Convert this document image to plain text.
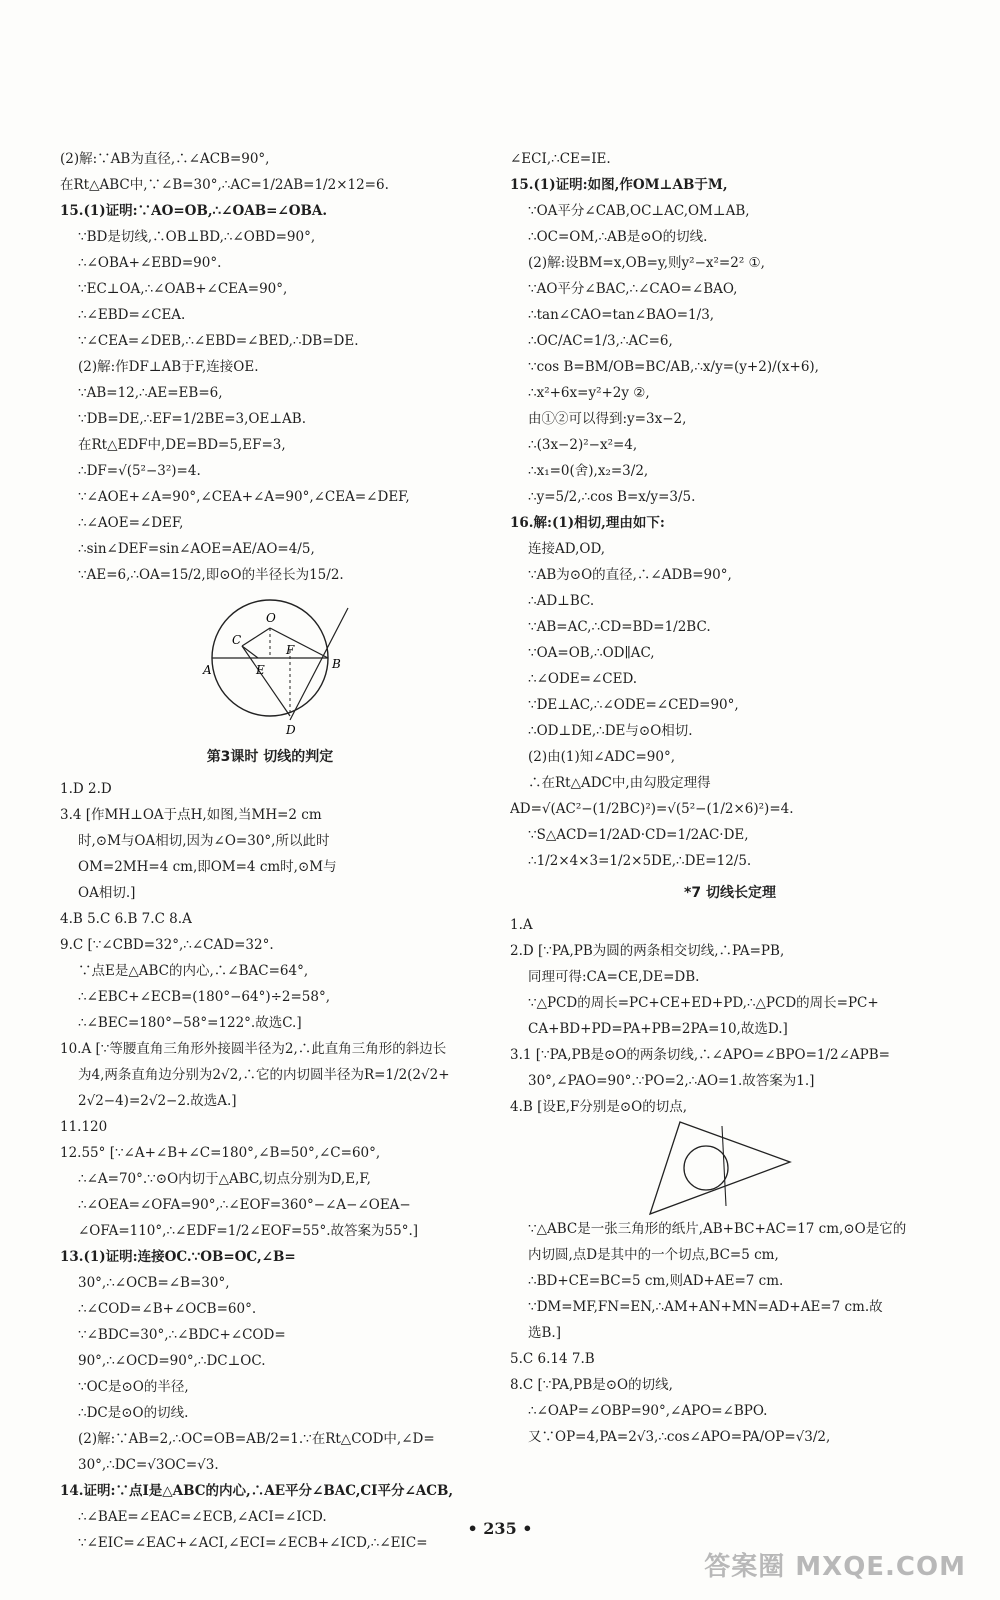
(2)解:∵AB为直径,∴∠ACB=90°,
在Rt△ABC中,∵∠B=30°,∴AC=1/2AB=1/2×12=6.
15.(1)证明:∵AO=OB,∴∠OAB=∠OBA.
∵BD是切线,∴OB⊥BD,∴∠OBD=90°,
∴∠OBA+∠EBD=90°.
∵EC⊥OA,∴∠OAB+∠CEA=90°,
∴∠EBD=∠CEA.
∵∠CEA=∠DEB,∴∠EBD=∠BED,∴DB=DE.
(2)解:作DF⊥AB于F,连接OE.
∵AB=12,∴AE=EB=6,
∵DB=DE,∴EF=1/2BE=3,OE⊥AB.
在Rt△EDF中,DE=BD=5,EF=3,
∴DF=√(5²−3²)=4.
∵∠AOE+∠A=90°,∠CEA+∠A=90°,∠CEA=∠DEF,
∴∠AOE=∠DEF,
∴sin∠DEF=sin∠AOE=AE/AO=4/5,
∵AE=6,∴OA=15/2,即⊙O的半径长为15/2.
O
C
A	E
F
B
D
第3课时 切线的判定
1.D 2.D
3.4 [作MH⊥OA于点H,如图,当MH=2 cm
时,⊙M与OA相切,因为∠O=30°,所以此时
OM=2MH=4 cm,即OM=4 cm时,⊙M与
OA相切.]
4.B 5.C 6.B 7.C 8.A
9.C [∵∠CBD=32°,∴∠CAD=32°.
∵点E是△ABC的内心,∴∠BAC=64°,
∴∠EBC+∠ECB=(180°−64°)÷2=58°,
∴∠BEC=180°−58°=122°.故选C.]
10.A [∵等腰直角三角形外接圆半径为2,∴此直角三角形的斜边长
为4,两条直角边分别为2√2,∴它的内切圆半径为R=1/2(2√2+
2√2−4)=2√2−2.故选A.]
11.120
12.55° [∵∠A+∠B+∠C=180°,∠B=50°,∠C=60°,
∴∠A=70°.∵⊙O内切于△ABC,切点分别为D,E,F,
∴∠OEA=∠OFA=90°,∴∠EOF=360°−∠A−∠OEA−
∠OFA=110°,∴∠EDF=1/2∠EOF=55°.故答案为55°.]
13.(1)证明:连接OC.∵OB=OC,∠B=
30°,∴∠OCB=∠B=30°,
∴∠COD=∠B+∠OCB=60°.
∵∠BDC=30°,∴∠BDC+∠COD=
90°,∴∠OCD=90°,∴DC⊥OC.
∵OC是⊙O的半径,
∴DC是⊙O的切线.
(2)解:∵AB=2,∴OC=OB=AB/2=1.∵在Rt△COD中,∠D=
30°,∴DC=√3OC=√3.
14.证明:∵点I是△ABC的内心,∴AE平分∠BAC,CI平分∠ACB,
∴∠BAE=∠EAC=∠ECB,∠ACI=∠ICD.
∵∠EIC=∠EAC+∠ACI,∠ECI=∠ECB+∠ICD,∴∠EIC=
∠ECI,∴CE=IE.
15.(1)证明:如图,作OM⊥AB于M,
∵OA平分∠CAB,OC⊥AC,OM⊥AB,
∴OC=OM,∴AB是⊙O的切线.
(2)解:设BM=x,OB=y,则y²−x²=2² ①,
∵AO平分∠BAC,∴∠CAO=∠BAO,
∴tan∠CAO=tan∠BAO=1/3,
∴OC/AC=1/3,∴AC=6,
∵cos B=BM/OB=BC/AB,∴x/y=(y+2)/(x+6),
∴x²+6x=y²+2y ②,
由①②可以得到:y=3x−2,
∴(3x−2)²−x²=4,
∴x₁=0(舍),x₂=3/2,
∴y=5/2,∴cos B=x/y=3/5.
16.解:(1)相切,理由如下:
连接AD,OD,
∵AB为⊙O的直径,∴∠ADB=90°,
∴AD⊥BC.
∵AB=AC,∴CD=BD=1/2BC.
∵OA=OB,∴OD∥AC,
∴∠ODE=∠CED.
∵DE⊥AC,∴∠ODE=∠CED=90°,
∴OD⊥DE,∴DE与⊙O相切.
(2)由(1)知∠ADC=90°,
∴在Rt△ADC中,由勾股定理得
AD=√(AC²−(1/2BC)²)=√(5²−(1/2×6)²)=4.
∵S△ACD=1/2AD·CD=1/2AC·DE,
∴1/2×4×3=1/2×5DE,∴DE=12/5.
*7 切线长定理
1.A
2.D [∵PA,PB为圆的两条相交切线,∴PA=PB,
同理可得:CA=CE,DE=DB.
∵△PCD的周长=PC+CE+ED+PD,∴△PCD的周长=PC+
CA+BD+PD=PA+PB=2PA=10,故选D.]
3.1 [∵PA,PB是⊙O的两条切线,∴∠APO=∠BPO=1/2∠APB=
30°,∠PAO=90°.∵PO=2,∴AO=1.故答案为1.]
4.B [设E,F分别是⊙O的切点,
∵△ABC是一张三角形的纸片,AB+BC+AC=17 cm,⊙O是它的
内切圆,点D是其中的一个切点,BC=5 cm,
∴BD+CE=BC=5 cm,则AD+AE=7 cm.
∵DM=MF,FN=EN,∴AM+AN+MN=AD+AE=7 cm.故
选B.]
5.C 6.14 7.B
8.C [∵PA,PB是⊙O的切线,
∴∠OAP=∠OBP=90°,∠APO=∠BPO.
又∵OP=4,PA=2√3,∴cos∠APO=PA/OP=√3/2,
• 235 •
答案圈 MXQE.COM
